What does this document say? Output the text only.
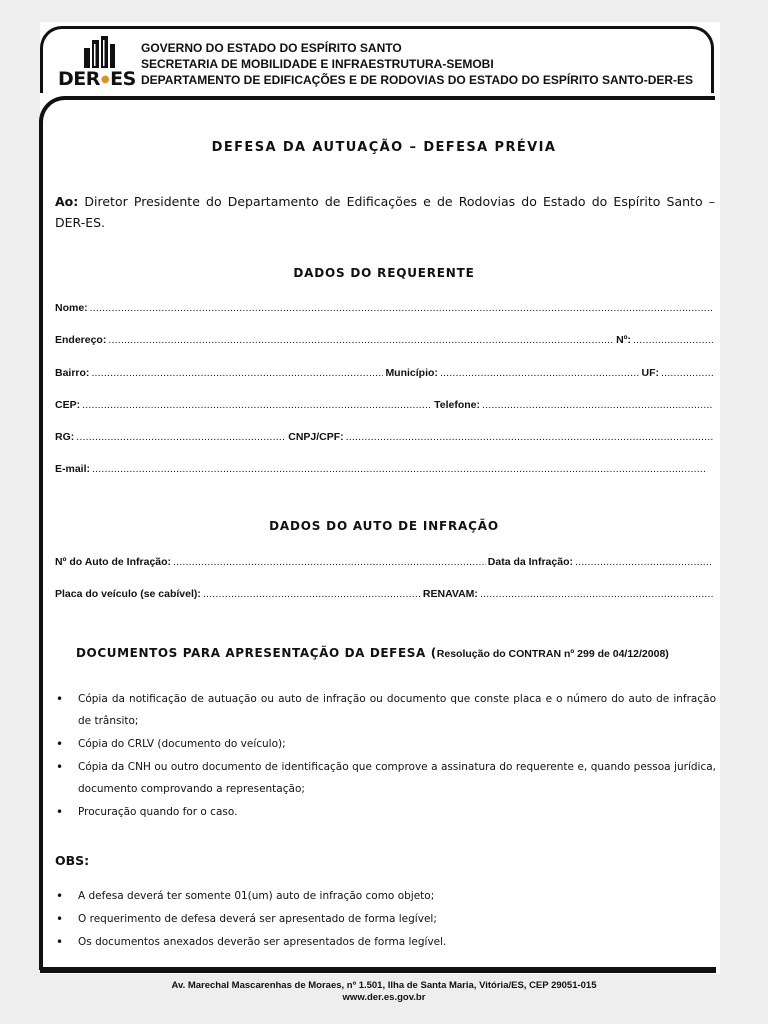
DER●ES
GOVERNO DO ESTADO DO ESPÍRITO SANTO
SECRETARIA DE MOBILIDADE E INFRAESTRUTURA-SEMOBI
DEPARTAMENTO DE EDIFICAÇÕES E DE RODOVIAS DO ESTADO DO ESPÍRITO SANTO-DER-ES
DEFESA DA AUTUAÇÃO – DEFESA PRÉVIA
Ao: Diretor Presidente do Departamento de Edificações e de Rodovias do Estado do Espírito Santo – DER-ES.
DADOS DO REQUERENTE
Nome:
.....
Endereço: .....	Nº:
.....
Bairro: .....	Município: .....	UF:
.....
CEP: .....	Telefone:
.....
RG: .....	CNPJ/CPF:
.....
E-mail:
.....
DADOS DO AUTO DE INFRAÇÃO
Nº do Auto de Infração: .....	Data da Infração:
.....
Placa do veículo (se cabível): .....	RENAVAM:
.....
DOCUMENTOS PARA APRESENTAÇÃO DA DEFESA (Resolução do CONTRAN nº 299 de 04/12/2008)
•	Cópia da notificação de autuação ou auto de infração ou documento que conste placa e o número do auto de infração de trânsito;
•	Cópia do CRLV (documento do veículo);
•	Cópia da CNH ou outro documento de identificação que comprove a assinatura do requerente e, quando pessoa jurídica, documento comprovando a representação;
•	Procuração quando for o caso.
OBS:
•	A defesa deverá ter somente 01(um) auto de infração como objeto;
•	O requerimento de defesa deverá ser apresentado de forma legível;
•	Os documentos anexados deverão ser apresentados de forma legível.
Av. Marechal Mascarenhas de Moraes, nº 1.501, Ilha de Santa Maria, Vitória/ES, CEP 29051-015
www.der.es.gov.br
